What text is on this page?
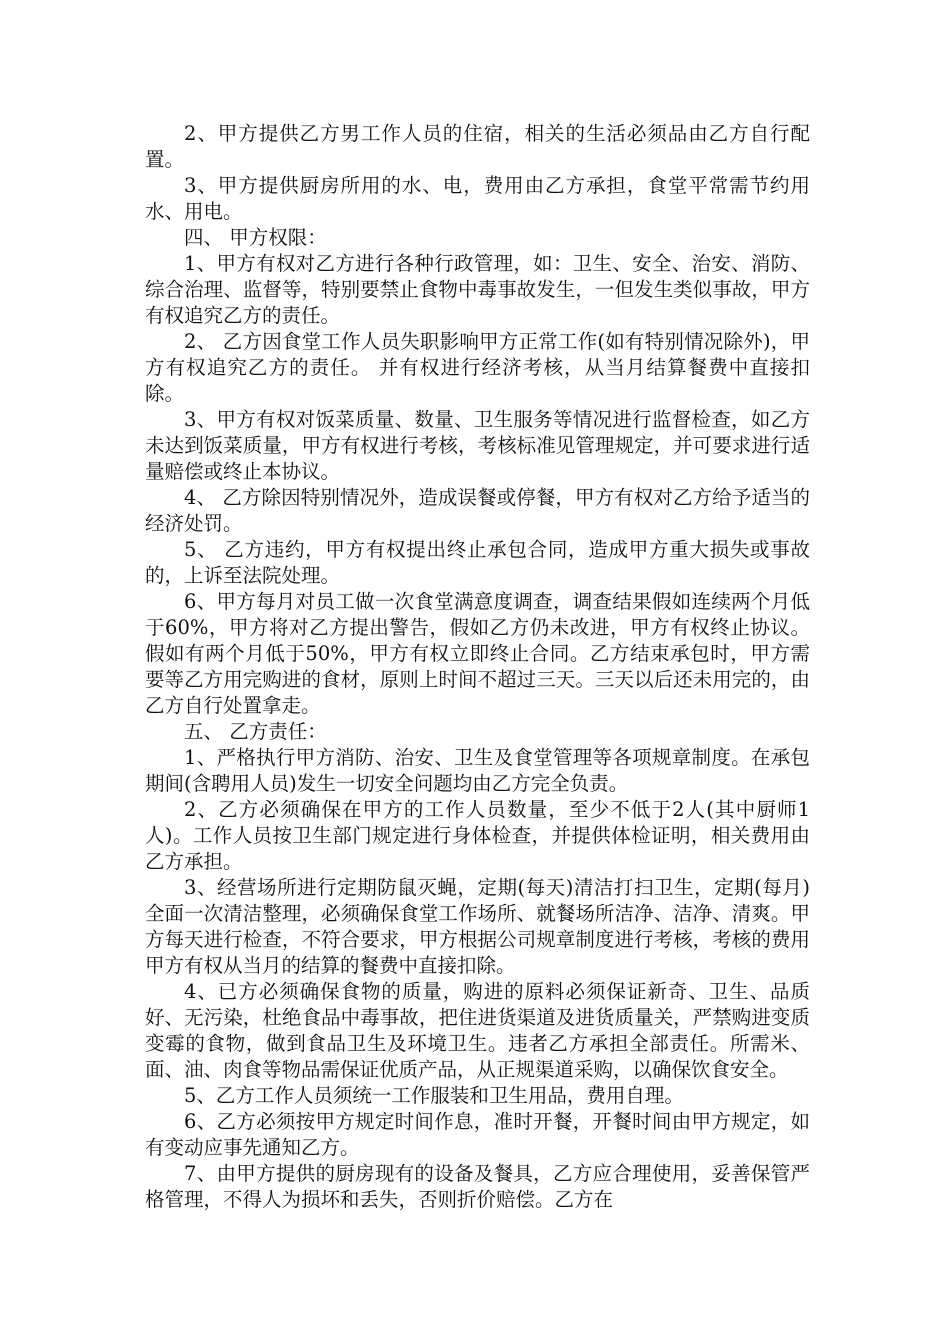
2、甲方提供乙方男工作人员的住宿，相关的生活必须品由乙方自行配置。

3、甲方提供厨房所用的水、电，费用由乙方承担，食堂平常需节约用水、用电。

四、 甲方权限：

1、甲方有权对乙方进行各种行政管理，如：卫生、安全、治安、消防、综合治理、监督等，特别要禁止食物中毒事故发生，一但发生类似事故，甲方有权追究乙方的责任。

2、 乙方因食堂工作人员失职影响甲方正常工作(如有特别情况除外)，甲方有权追究乙方的责任。 并有权进行经济考核，从当月结算餐费中直接扣除。

3、甲方有权对饭菜质量、数量、卫生服务等情况进行监督检查，如乙方未达到饭菜质量，甲方有权进行考核，考核标准见管理规定，并可要求进行适量赔偿或终止本协议。

4、 乙方除因特别情况外，造成误餐或停餐，甲方有权对乙方给予适当的经济处罚。

5、 乙方违约，甲方有权提出终止承包合同，造成甲方重大损失或事故的，上诉至法院处理。

6、甲方每月对员工做一次食堂满意度调查，调查结果假如连续两个月低于60%，甲方将对乙方提出警告，假如乙方仍未改进，甲方有权终止协议。假如有两个月低于50%，甲方有权立即终止合同。乙方结束承包时，甲方需要等乙方用完购进的食材，原则上时间不超过三天。三天以后还未用完的，由乙方自行处置拿走。

五、 乙方责任：

1、严格执行甲方消防、治安、卫生及食堂管理等各项规章制度。在承包期间(含聘用人员)发生一切安全问题均由乙方完全负责。

2、乙方必须确保在甲方的工作人员数量，至少不低于2人(其中厨师1人)。工作人员按卫生部门规定进行身体检查，并提供体检证明，相关费用由乙方承担。

3、经营场所进行定期防鼠灭蝇，定期(每天)清洁打扫卫生，定期(每月)全面一次清洁整理，必须确保食堂工作场所、就餐场所洁净、洁净、清爽。甲方每天进行检查，不符合要求，甲方根据公司规章制度进行考核，考核的费用甲方有权从当月的结算的餐费中直接扣除。

4、已方必须确保食物的质量，购进的原料必须保证新奇、卫生、品质好、无污染，杜绝食品中毒事故，把住进货渠道及进货质量关，严禁购进变质变霉的食物，做到食品卫生及环境卫生。违者乙方承担全部责任。所需米、面、油、肉食等物品需保证优质产品，从正规渠道采购，以确保饮食安全。

5、乙方工作人员须统一工作服装和卫生用品，费用自理。

6、乙方必须按甲方规定时间作息，准时开餐，开餐时间由甲方规定，如有变动应事先通知乙方。

7、由甲方提供的厨房现有的设备及餐具，乙方应合理使用，妥善保管严格管理，不得人为损坏和丢失，否则折价赔偿。乙方在
